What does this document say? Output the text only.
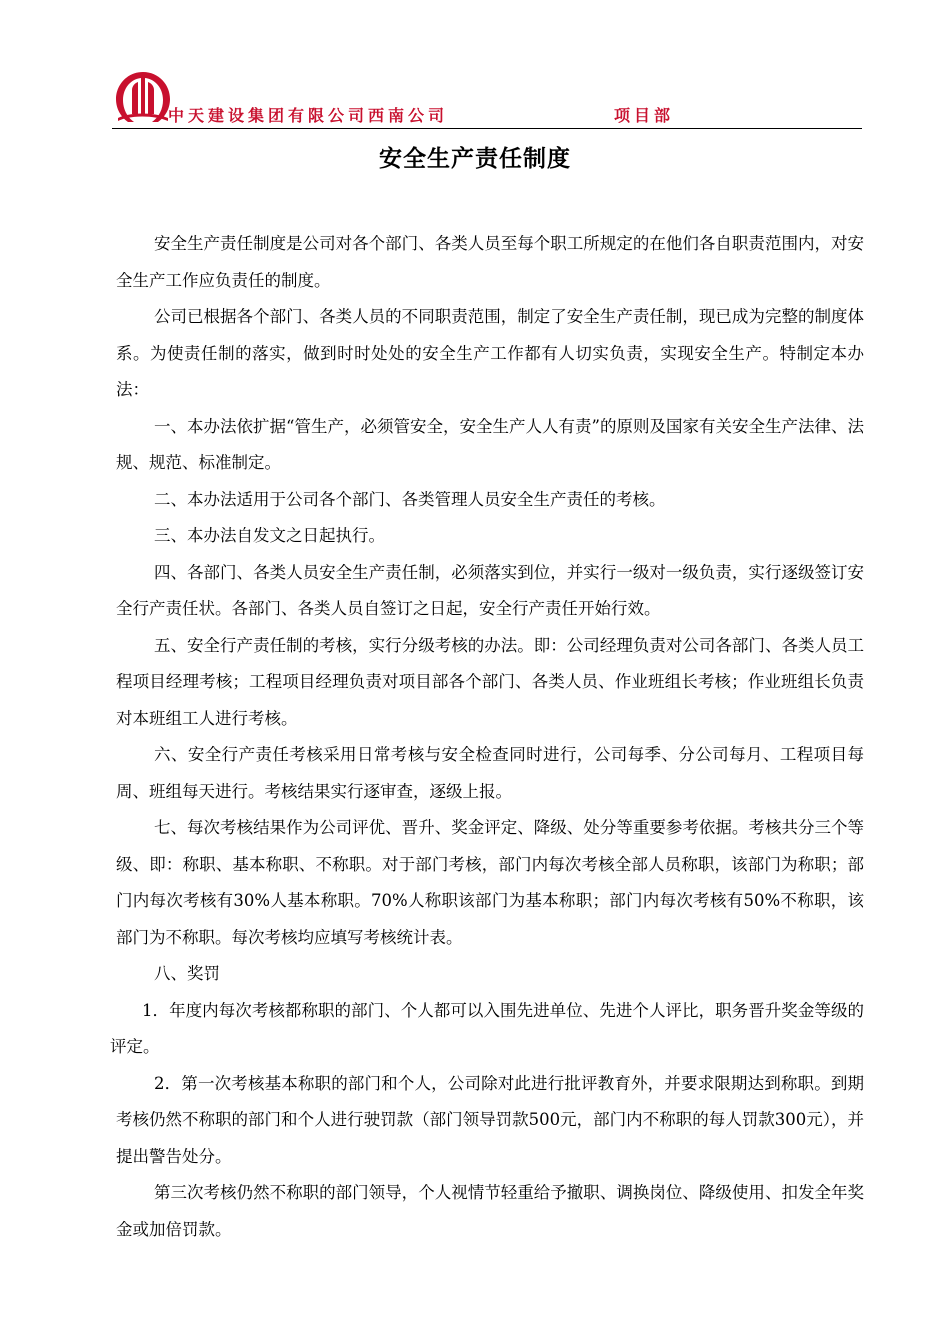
中天建设集团有限公司西南公司	项目部
安全生产责任制度

安全生产责任制度是公司对各个部门、各类人员至每个职工所规定的在他们各自职责范围内，对安全生产工作应负责任的制度。

公司已根据各个部门、各类人员的不同职责范围，制定了安全生产责任制，现已成为完整的制度体系。为使责任制的落实，做到时时处处的安全生产工作都有人切实负责，实现安全生产。特制定本办法：

一、本办法依扩据“管生产，必须管安全，安全生产人人有责”的原则及国家有关安全生产法律、法规、规范、标准制定。

二、本办法适用于公司各个部门、各类管理人员安全生产责任的考核。

三、本办法自发文之日起执行。

四、各部门、各类人员安全生产责任制，必须落实到位，并实行一级对一级负责，实行逐级签订安全行产责任状。各部门、各类人员自签订之日起，安全行产责任开始行效。

五、安全行产责任制的考核，实行分级考核的办法。即：公司经理负责对公司各部门、各类人员工程项目经理考核；工程项目经理负责对项目部各个部门、各类人员、作业班组长考核；作业班组长负责对本班组工人进行考核。

六、安全行产责任考核采用日常考核与安全检查同时进行，公司每季、分公司每月、工程项目每周、班组每天进行。考核结果实行逐审查，逐级上报。

七、每次考核结果作为公司评优、晋升、奖金评定、降级、处分等重要参考依据。考核共分三个等级、即：称职、基本称职、不称职。对于部门考核，部门内每次考核全部人员称职，该部门为称职；部门内每次考核有30%人基本称职。70%人称职该部门为基本称职；部门内每次考核有50%不称职，该部门为不称职。每次考核均应填写考核统计表。

八、奖罚

1．年度内每次考核都称职的部门、个人都可以入围先进单位、先进个人评比，职务晋升奖金等级的评定。

2．第一次考核基本称职的部门和个人，公司除对此进行批评教育外，并要求限期达到称职。到期考核仍然不称职的部门和个人进行驶罚款（部门领导罚款500元，部门内不称职的每人罚款300元），并提出警告处分。

第三次考核仍然不称职的部门领导，个人视情节轻重给予撤职、调换岗位、降级使用、扣发全年奖金或加倍罚款。
